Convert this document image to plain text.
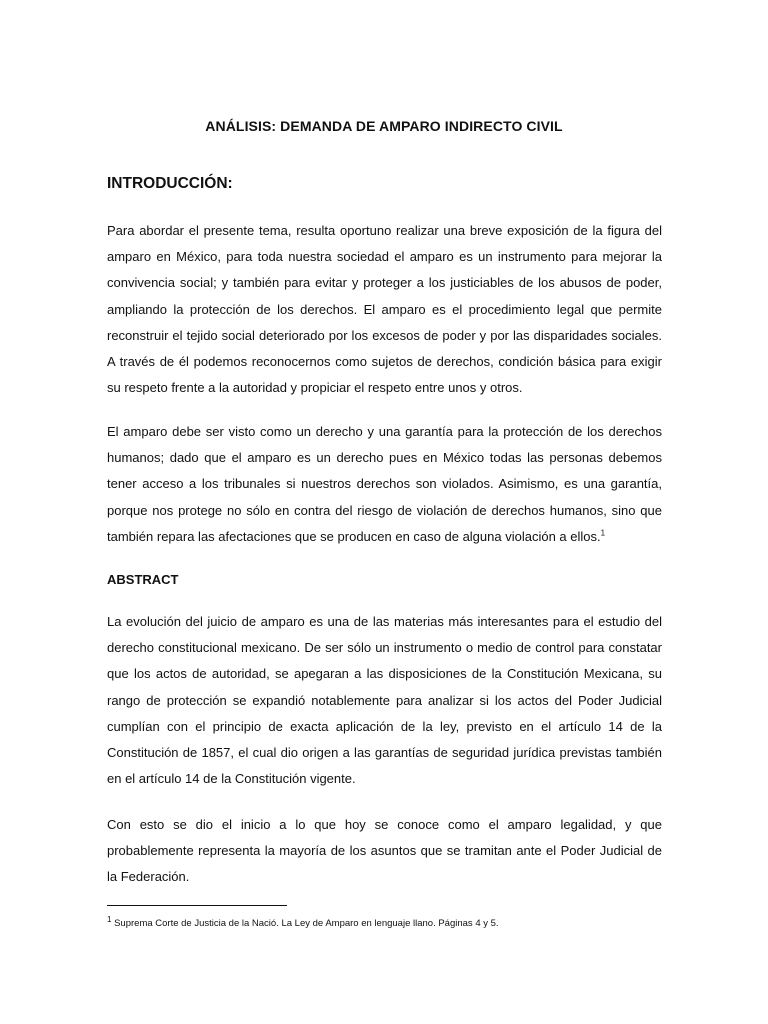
ANÁLISIS: DEMANDA DE AMPARO INDIRECTO CIVIL
INTRODUCCIÓN:

Para abordar el presente tema, resulta oportuno realizar una breve exposición de la figura del amparo en México, para toda nuestra sociedad el amparo es un instrumento para mejorar la convivencia social; y también para evitar y proteger a los justiciables de los abusos de poder, ampliando la protección de los derechos. El amparo es el procedimiento legal que permite reconstruir el tejido social deteriorado por los excesos de poder y por las disparidades sociales. A través de él podemos reconocernos como sujetos de derechos, condición básica para exigir su respeto frente a la autoridad y propiciar el respeto entre unos y otros.

El amparo debe ser visto como un derecho y una garantía para la protección de los derechos humanos; dado que el amparo es un derecho pues en México todas las personas debemos tener acceso a los tribunales si nuestros derechos son violados. Asimismo, es una garantía, porque nos protege no sólo en contra del riesgo de violación de derechos humanos, sino que también repara las afectaciones que se producen en caso de alguna violación a ellos.$^1$

ABSTRACT

La evolución del juicio de amparo es una de las materias más interesantes para el estudio del derecho constitucional mexicano. De ser sólo un instrumento o medio de control para constatar que los actos de autoridad, se apegaran a las disposiciones de la Constitución Mexicana, su rango de protección se expandió notablemente para analizar si los actos del Poder Judicial cumplían con el principio de exacta aplicación de la ley, previsto en el artículo 14 de la Constitución de 1857, el cual dio origen a las garantías de seguridad jurídica previstas también en el artículo 14 de la Constitución vigente.

Con esto se dio el inicio a lo que hoy se conoce como el amparo legalidad, y que probablemente representa la mayoría de los asuntos que se tramitan ante el Poder Judicial de la Federación.

$^1$ Suprema Corte de Justicia de la Nació. La Ley de Amparo en lenguaje llano. Páginas 4 y 5.
